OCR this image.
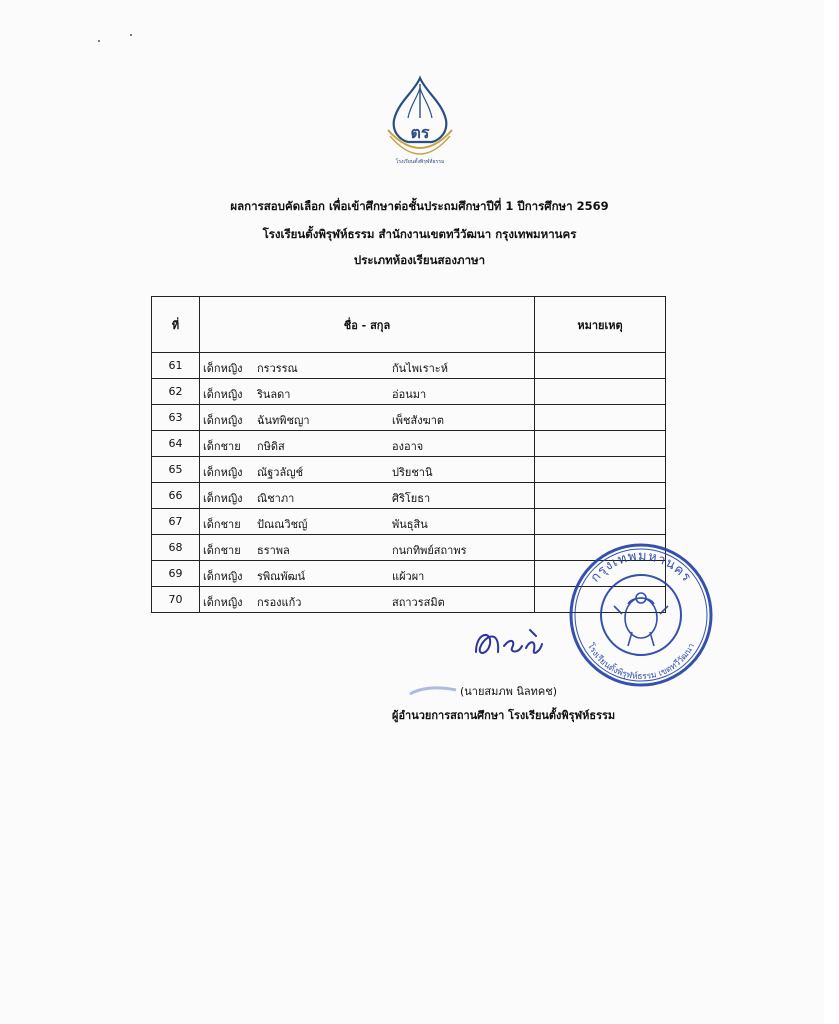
ตร
โรงเรียนตั้งพิรุฬห์ธรรม
ผลการสอบคัดเลือก เพื่อเข้าศึกษาต่อชั้นประถมศึกษาปีที่ 1 ปีการศึกษา 2569
โรงเรียนตั้งพิรุฬห์ธรรม สำนักงานเขตทวีวัฒนา กรุงเทพมหานคร
ประเภทห้องเรียนสองภาษา
ที่	ชื่อ - สกุล	หมายเหตุ
61	เด็กหญิง กรวรรณ กันไพเราะห์	

62	เด็กหญิง รินลดา อ่อนมา	

63	เด็กหญิง ฉันทพิชญา เพ็ชสังฆาต	

64	เด็กชาย กษิดิส องอาจ	

65	เด็กหญิง ณัฐวลัญช์ ปริยชานิ	

66	เด็กหญิง ณิชาภา ศิริโยธา	

67	เด็กชาย ปัณณวิชญ์ พันธุสิน	

68	เด็กชาย ธราพล กนกทิพย์สถาพร	

69	เด็กหญิง รพิณพัฒน์ แผ้วผา	

70	เด็กหญิง กรองแก้ว สถาวรสมิต	

กรุงเทพมหานคร
โรงเรียนตั้งพิรุฬห์ธรรม เขตทวีวัฒนา
(นายสมภพ นิลทคช)
ผู้อำนวยการสถานศึกษา โรงเรียนตั้งพิรุฬห์ธรรม
